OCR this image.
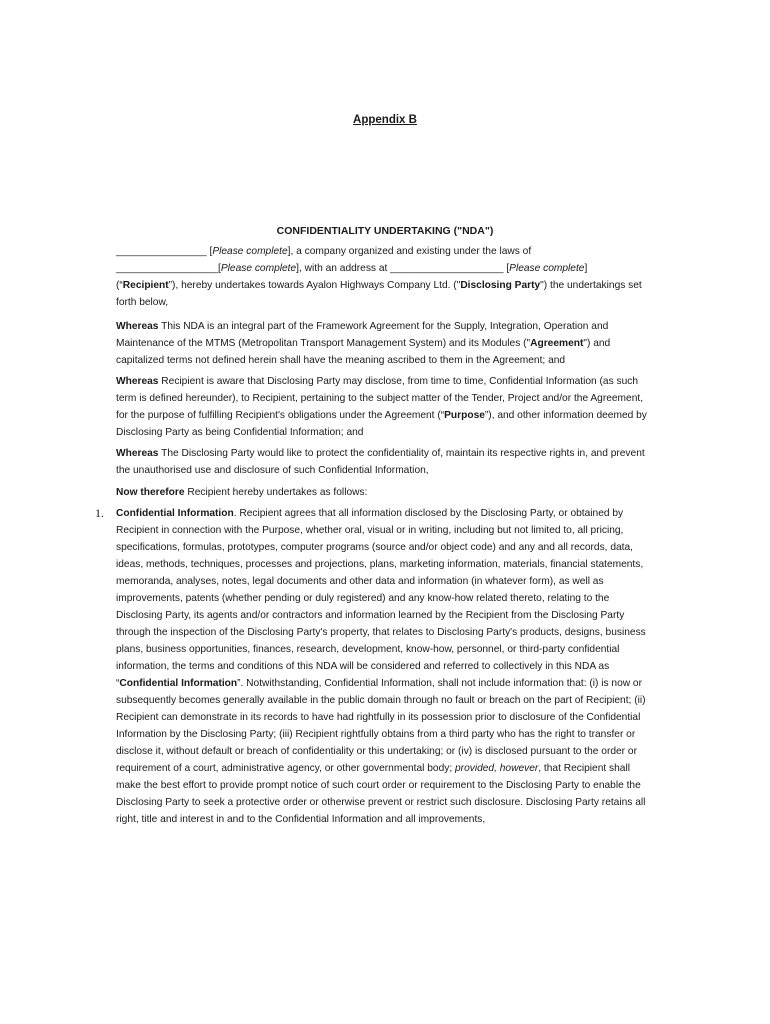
Appendix B
CONFIDENTIALITY UNDERTAKING ("NDA")

________________ [Please complete], a company organized and existing under the laws of
__________________[Please complete], with an address at ____________________ [Please complete]
(“Recipient”), hereby undertakes towards Ayalon Highways Company Ltd. ("Disclosing Party") the undertakings set forth below,

Whereas This NDA is an integral part of the Framework Agreement for the Supply, Integration, Operation and Maintenance of the MTMS (Metropolitan Transport Management System) and its Modules ("Agreement") and capitalized terms not defined herein shall have the meaning ascribed to them in the Agreement; and

Whereas Recipient is aware that Disclosing Party may disclose, from time to time, Confidential Information (as such term is defined hereunder), to Recipient, pertaining to the subject matter of the Tender, Project and/or the Agreement, for the purpose of fulfilling Recipient's obligations under the Agreement (“Purpose”), and other information deemed by Disclosing Party as being Confidential Information; and

Whereas The Disclosing Party would like to protect the confidentiality of, maintain its respective rights in, and prevent the unauthorised use and disclosure of such Confidential Information,

Now therefore Recipient hereby undertakes as follows:

1. Confidential Information. Recipient agrees that all information disclosed by the Disclosing Party, or obtained by Recipient in connection with the Purpose, whether oral, visual or in writing, including but not limited to, all pricing, specifications, formulas, prototypes, computer programs (source and/or object code) and any and all records, data, ideas, methods, techniques, processes and projections, plans, marketing information, materials, financial statements, memoranda, analyses, notes, legal documents and other data and information (in whatever form), as well as improvements, patents (whether pending or duly registered) and any know-how related thereto, relating to the Disclosing Party, its agents and/or contractors and information learned by the Recipient from the Disclosing Party through the inspection of the Disclosing Party's property, that relates to Disclosing Party's products, designs, business plans, business opportunities, finances, research, development, know-how, personnel, or third-party confidential information, the terms and conditions of this NDA will be considered and referred to collectively in this NDA as “Confidential Information”. Notwithstanding, Confidential Information, shall not include information that: (i) is now or subsequently becomes generally available in the public domain through no fault or breach on the part of Recipient; (ii) Recipient can demonstrate in its records to have had rightfully in its possession prior to disclosure of the Confidential Information by the Disclosing Party; (iii) Recipient rightfully obtains from a third party who has the right to transfer or disclose it, without default or breach of confidentiality or this undertaking; or (iv) is disclosed pursuant to the order or requirement of a court, administrative agency, or other governmental body; provided, however, that Recipient shall make the best effort to provide prompt notice of such court order or requirement to the Disclosing Party to enable the Disclosing Party to seek a protective order or otherwise prevent or restrict such disclosure. Disclosing Party retains all right, title and interest in and to the Confidential Information and all improvements,
